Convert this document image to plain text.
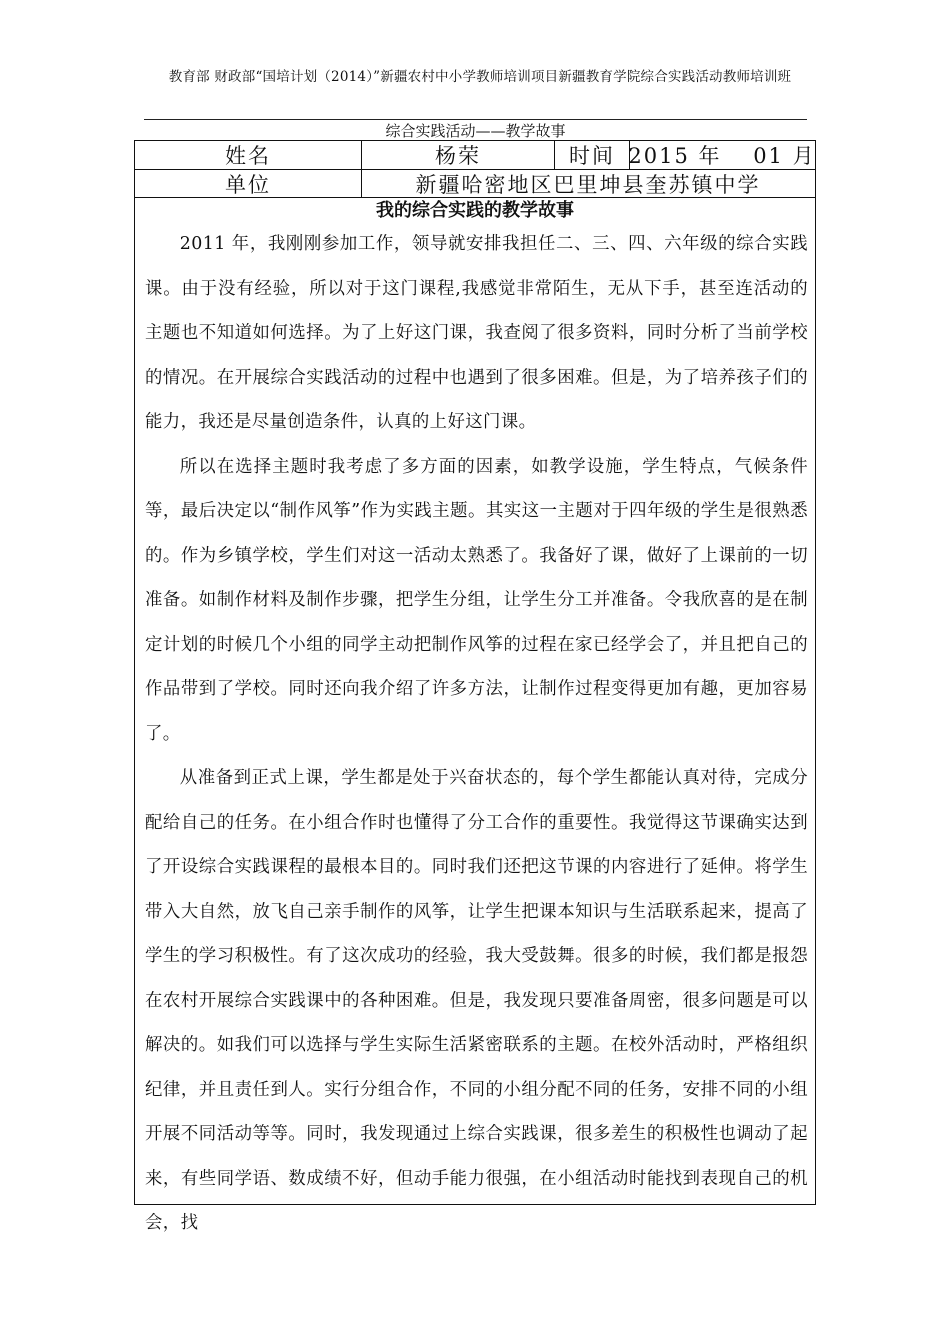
教育部 财政部“国培计划（2014）”新疆农村中小学教师培训项目新疆教育学院综合实践活动教师培训班
综合实践活动——教学故事
姓名	杨荣	时间 2015 年 　01 月
单位	新疆哈密地区巴里坤县奎苏镇中学
我的综合实践的教学故事

2011 年，我刚刚参加工作，领导就安排我担任二、三、四、六年级的综合实践课。由于没有经验，所以对于这门课程,我感觉非常陌生，无从下手，甚至连活动的主题也不知道如何选择。为了上好这门课，我查阅了很多资料，同时分析了当前学校的情况。在开展综合实践活动的过程中也遇到了很多困难。但是，为了培养孩子们的能力，我还是尽量创造条件，认真的上好这门课。

所以在选择主题时我考虑了多方面的因素，如教学设施，学生特点，气候条件等，最后决定以“制作风筝”作为实践主题。其实这一主题对于四年级的学生是很熟悉的。作为乡镇学校，学生们对这一活动太熟悉了。我备好了课，做好了上课前的一切准备。如制作材料及制作步骤，把学生分组，让学生分工并准备。令我欣喜的是在制定计划的时候几个小组的同学主动把制作风筝的过程在家已经学会了，并且把自己的作品带到了学校。同时还向我介绍了许多方法，让制作过程变得更加有趣，更加容易了。

从准备到正式上课，学生都是处于兴奋状态的，每个学生都能认真对待，完成分配给自己的任务。在小组合作时也懂得了分工合作的重要性。我觉得这节课确实达到了开设综合实践课程的最根本目的。同时我们还把这节课的内容进行了延伸。将学生带入大自然，放飞自己亲手制作的风筝，让学生把课本知识与生活联系起来，提高了学生的学习积极性。有了这次成功的经验，我大受鼓舞。很多的时候，我们都是报怨在农村开展综合实践课中的各种困难。但是，我发现只要准备周密，很多问题是可以解决的。如我们可以选择与学生实际生活紧密联系的主题。在校外活动时，严格组织纪律，并且责任到人。实行分组合作，不同的小组分配不同的任务，安排不同的小组开展不同活动等等。同时，我发现通过上综合实践课，很多差生的积极性也调动了起来，有些同学语、数成绩不好，但动手能力很强，在小组活动时能找到表现自己的机会，找
